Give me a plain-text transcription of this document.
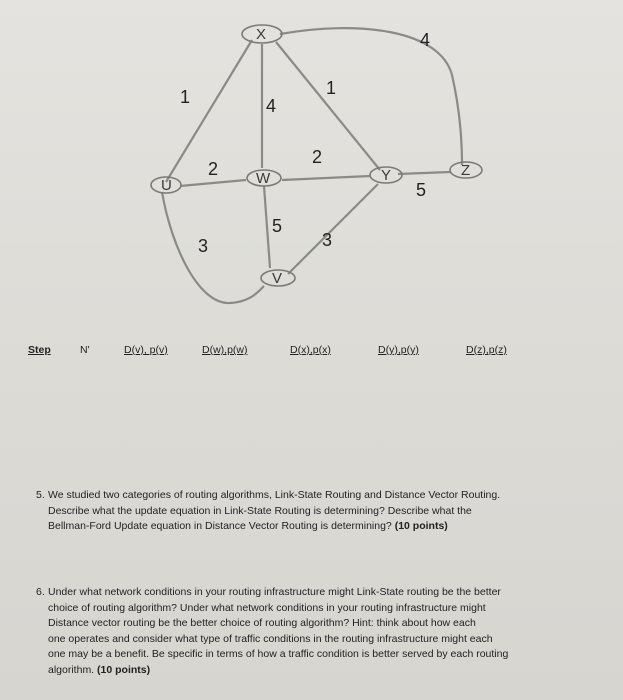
X
U	W	Y	Z
V
1	4
1
4
2
2
3
5
3
5
Step	N'	D(v), p(v)	D(w),p(w)	D(x),p(x)	D(y),p(y)	D(z),p(z)
5. We studied two categories of routing algorithms, Link-State Routing and Distance Vector Routing.

Describe what the update equation in Link-State Routing is determining? Describe what the

Bellman-Ford Update equation in Distance Vector Routing is determining? (10 points)

6. Under what network conditions in your routing infrastructure might Link-State routing be the better

choice of routing algorithm? Under what network conditions in your routing infrastructure might

Distance vector routing be the better choice of routing algorithm? Hint: think about how each

one operates and consider what type of traffic conditions in the routing infrastructure might each

one may be a benefit. Be specific in terms of how a traffic condition is better served by each routing

algorithm. (10 points)
